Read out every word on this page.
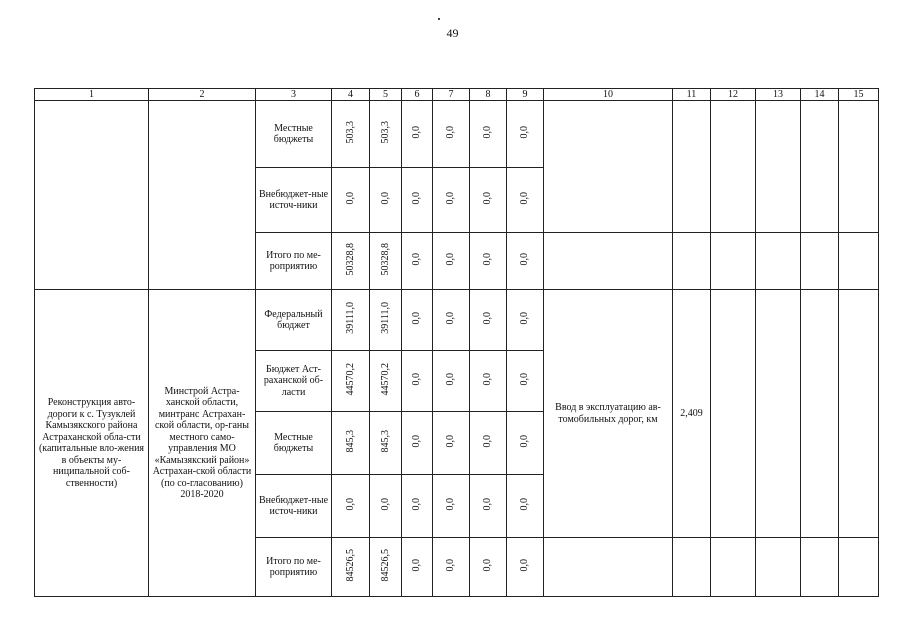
49
1	2	3	4	5	6	7	8	9	10	11	12	13	14	15
		Местные бюджеты	503,3	503,3	0,0	0,0	0,0	0,0						
		Внебюджет-ные источ-ники	0,0	0,0	0,0	0,0	0,0	0,0						
		Итого по ме-роприятию	50328,8	50328,8	0,0	0,0	0,0	0,0						
Реконструкция авто-дороги к с. Тузуклей Камызякского района Астраханской обла-сти (капитальные вло-жения в объекты му-ниципальной соб-ственности)	Минстрой Астра-ханской области, минтранс Астрахан-ской области, ор-ганы местного само-управления МО «Камызякский район» Астрахан-ской области (по со-гласованию) 2018-2020	Федеральный бюджет	39111,0	39111,0	0,0	0,0	0,0	0,0	Ввод в эксплуатацию ав-томобильных дорог, км	2,409				
		Бюджет Аст-раханской об-ласти	44570,2	44570,2	0,0	0,0	0,0	0,0						
		Местные бюджеты	845,3	845,3	0,0	0,0	0,0	0,0						
		Внебюджет-ные источ-ники	0,0	0,0	0,0	0,0	0,0	0,0						
		Итого по ме-роприятию	84526,5	84526,5	0,0	0,0	0,0	0,0						
